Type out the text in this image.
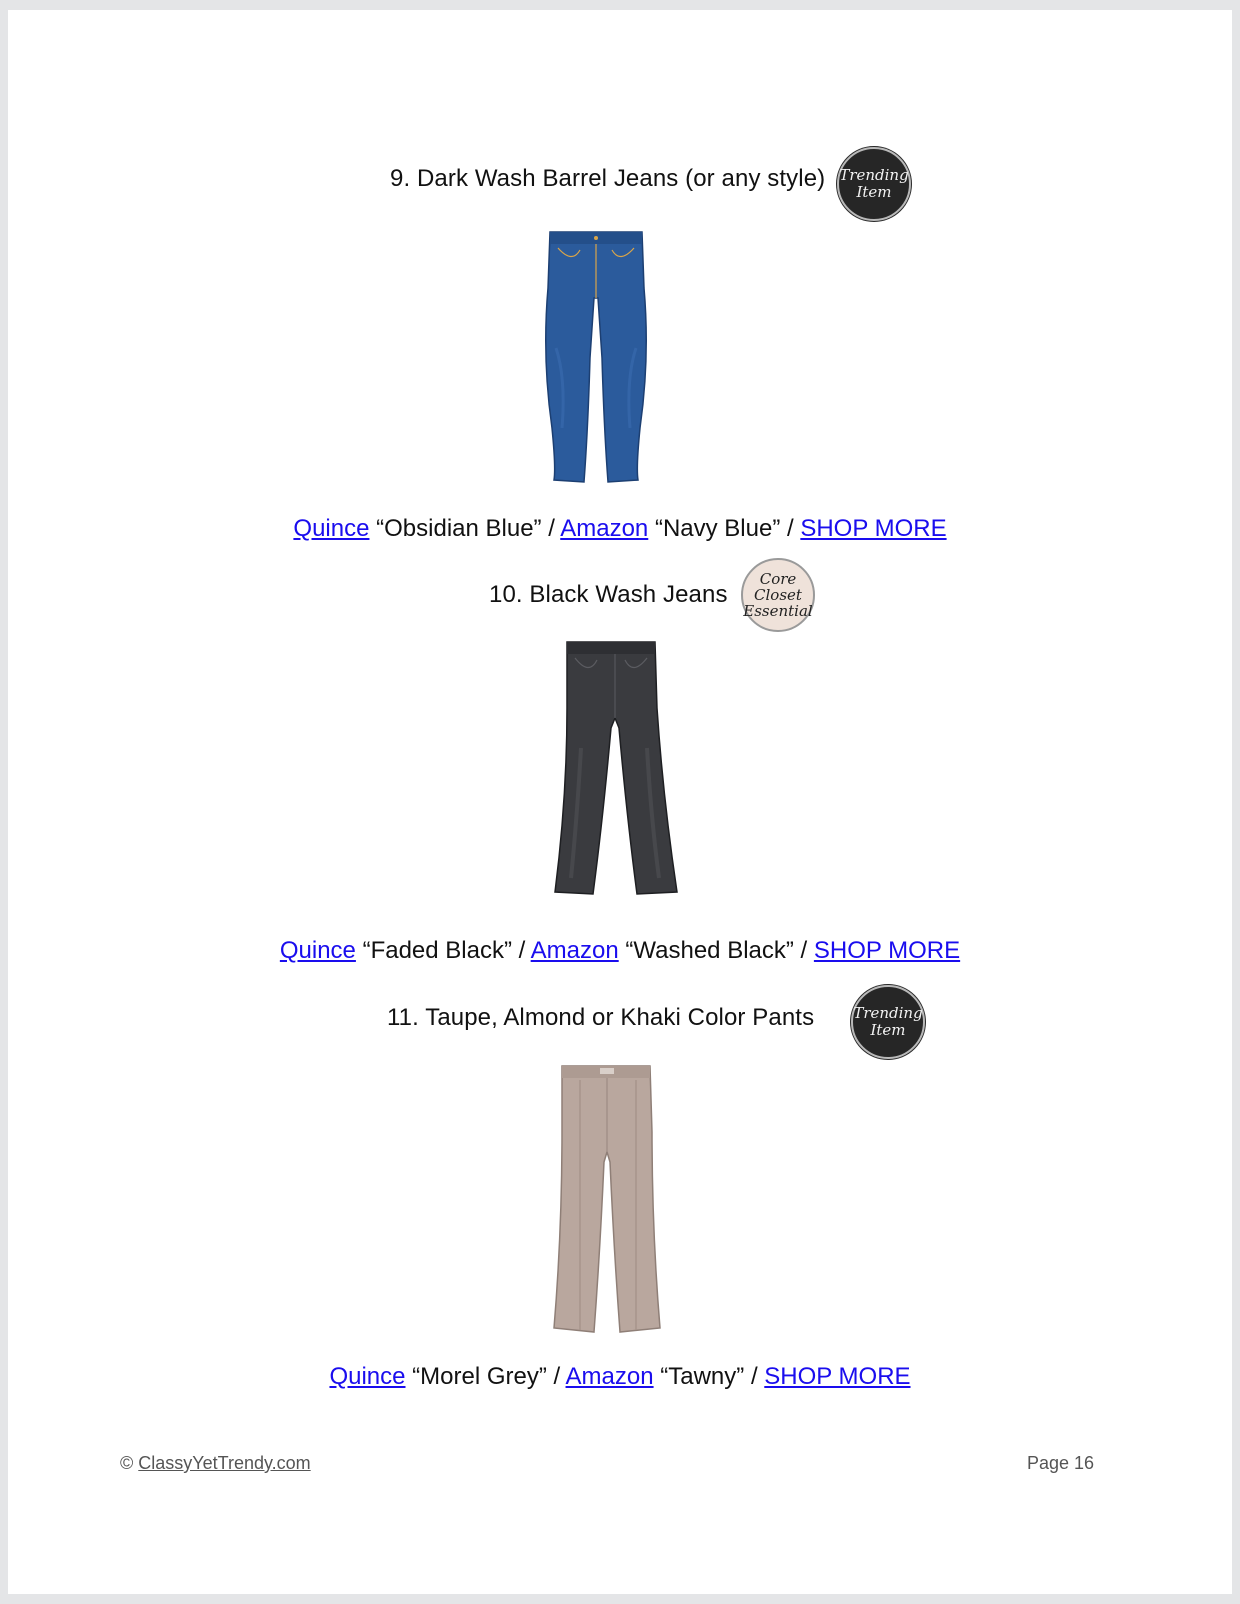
9. Dark Wash Barrel Jeans (or any style) Trending
Item
Quince “Obsidian Blue” / Amazon “Navy Blue” / SHOP MORE
10. Black Wash Jeans
Core
Closet
Essential
Quince “Faded Black” / Amazon “Washed Black” / SHOP MORE
11. Taupe, Almond or Khaki Color Pants	Trending
Item
Quince “Morel Grey” / Amazon “Tawny” / SHOP MORE
© ClassyYetTrendy.com	Page 16
